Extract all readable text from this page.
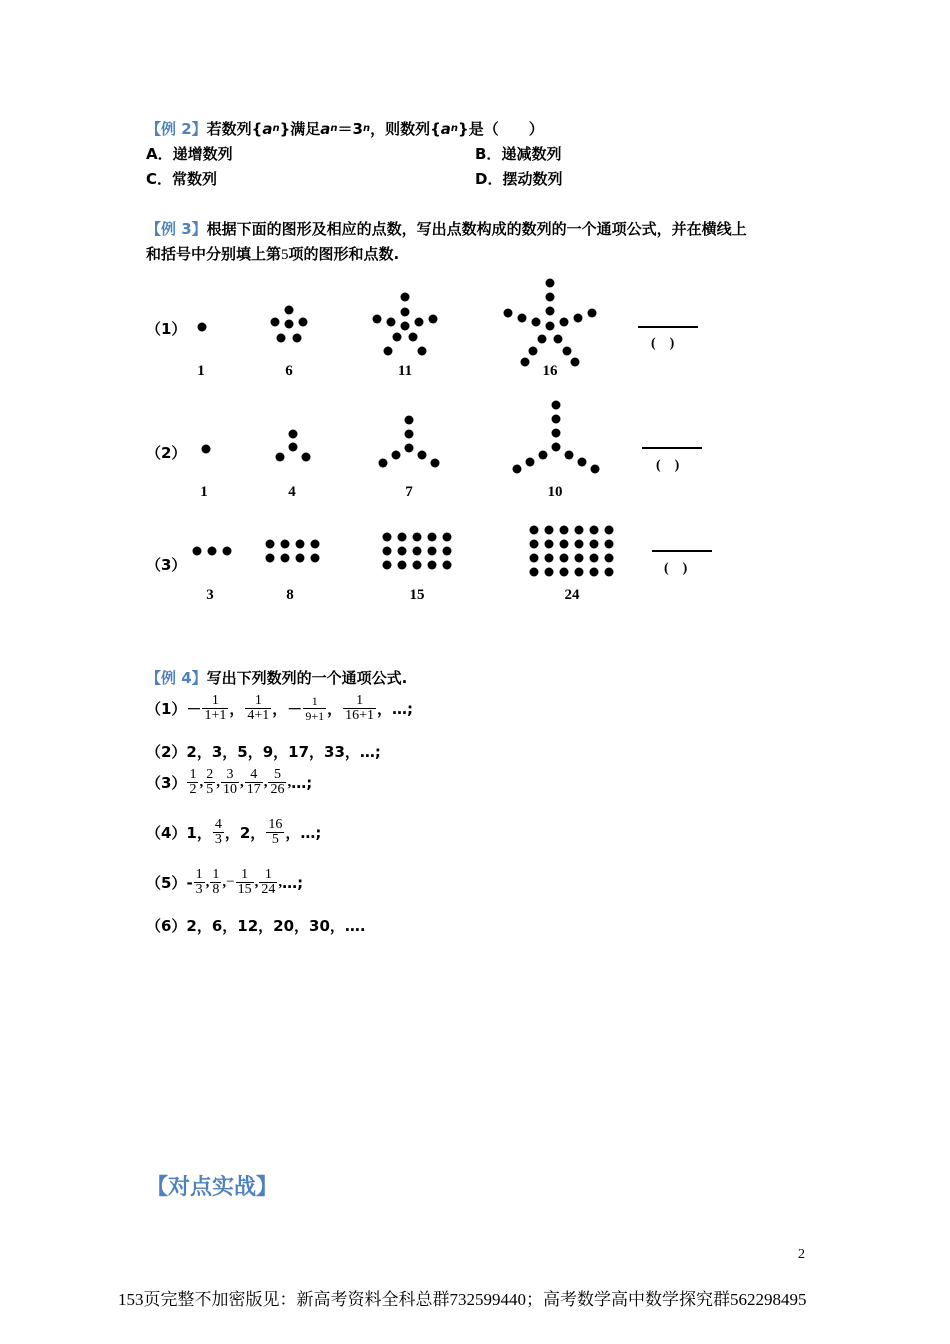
【例 2】 若数列{ a n }满足 a n ＝3 n ，则数列{ a n }是（　　）
A．递增数列	B．递减数列
C．常数列	D．摆动数列
【例 3】根据下面的图形及相应的点数，写出点数构成的数列的一个通项公式，并在横线上
和括号中分别填上第5项的图形和点数.
（1）
（2）
（3）
1	6	11	16
1	4	7	10
3	8	15	24
(　)
(　)
(　)
【例 4】写出下列数列的一个通项公式.
$(1) - \frac{1}{1+1}$ ， $\frac{1}{4+1}$ ， － $\frac{1}{9+1}$ ， $\frac{1}{16+1}$ ， …;
（2）2，3，5，9，17，33，…;
$(3) \frac{1}{2}$ , $\frac{2}{5}$ , $\frac{3}{10}$ , $\frac{4}{17}$ , $\frac{5}{26}$ , …;
（4）1， $\frac{4}{3}$ ，2， $\frac{16}{5}$ ，…;
$(5) - \frac{1}{3}$ , $\frac{1}{8}$ , − $\frac{1}{15}$ , $\frac{1}{24}$ , …;
（6）2，6，12，20，30，….
【对点实战】
2
153页完整不加密版见：新高考资料全科总群732599440；高考数学高中数学探究群562298495
